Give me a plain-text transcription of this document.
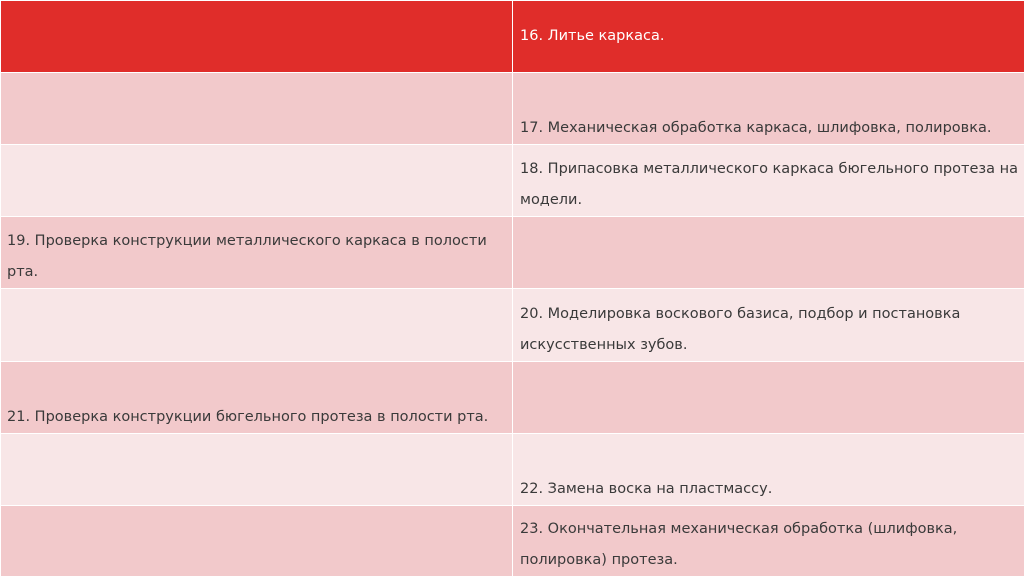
	16. Литье каркаса.
	17. Механическая обработка каркаса, шлифовка, полировка.
	18. Припасовка металлического каркаса бюгельного протеза на модели.
19. Проверка конструкции металлического каркаса в полости рта.	
	20. Моделировка воскового базиса, подбор и постановка искусственных зубов.
21. Проверка конструкции бюгельного протеза в полости рта.	
	22. Замена воска на пластмассу.
	23. Окончательная механическая обработка (шлифовка, полировка) протеза.
